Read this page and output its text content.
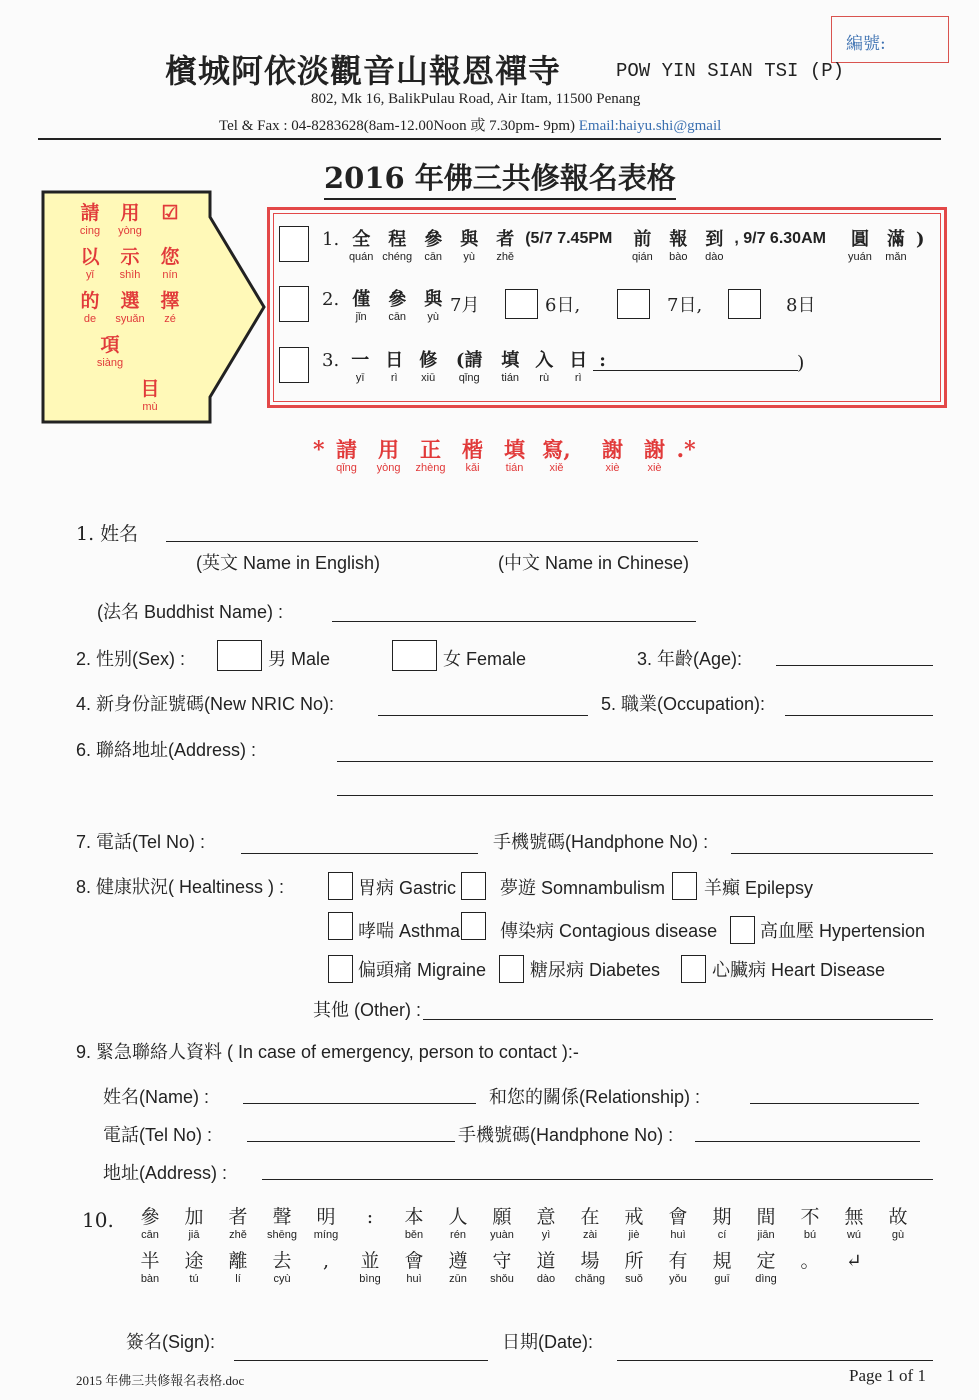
編號:
檳城阿依淡觀音山報恩禪寺	POW YIN SIAN TSI (P)
802, Mk 16, BalikPulau Road, Air Itam, 11500 Penang
Tel & Fax : 04-8283628(8am-12.00Noon 或 7.30pm- 9pm) Email:haiyu.shi@gmail
2016 年佛三共修報名表格
請
cing
用
yòng
☑
以
yǐ
示
shìh
您
nín
的
de
選
syuǎn
擇
zé
項
siàng
目
mù
1. 全
quán
程
chéng
參
cān
與
yù
者
zhě
(5/7 7.45PM 前
qián
報
bào
到
dào
, 9/7 6.30AM 圓
yuán
滿
mǎn
)
2. 僅
jǐn
參
cān
與
yù
7月	6日,	7日,	8日
3. 一
yī
日
rì
修
xiū
(請
qǐng
填
tián
入
rù
日
rì
:	)
* 請
qǐng
用
yòng
正
zhèng
楷
kǎi
填
tián
寫,
xiě
謝
xiè
謝
xiè
.*
1. 姓名
(英文 Name in English)	(中文 Name in Chinese)
(法名 Buddhist Name) :
2. 性别(Sex) :	男 Male	女 Female	3. 年齡(Age):
4. 新身份証號碼(New NRIC No):	5. 職業(Occupation):
6. 聯絡地址(Address) :
7. 電話(Tel No) :	手機號碼(Handphone No) :
8. 健康狀況( Healtiness ) :	胃病 Gastric 夢遊 Somnambulism 羊癲 Epilepsy
哮喘 Asthma 傳染病 Contagious disease 高血壓 Hypertension
偏頭痛 Migraine 糖尿病 Diabetes	心臟病 Heart Disease
其他 (Other) :
9. 緊急聯絡人資料 ( In case of emergency, person to contact ):-
姓名(Name) :	和您的關係(Relationship) :
電話(Tel No) :	手機號碼(Handphone No) :
地址(Address) :
10. 參
cān
加
jiā
者
zhě
聲
shēng
明
míng
: 本
běn
人
rén
願
yuàn
意
yì
在
zài
戒
jiè
會
huì
期
cí
間
jiān
不
bú
無
wú
故
gù
半
bàn
途
tú
離
lí
去
cyù
, 並
bìng
會
huì
遵
zūn
守
shǒu
道
dào
場
chǎng
所
suǒ
有
yǒu
規
guī
定
dìng
。 ↵
簽名(Sign):	日期(Date):
2015 年佛三共修報名表格.doc	Page 1 of 1
